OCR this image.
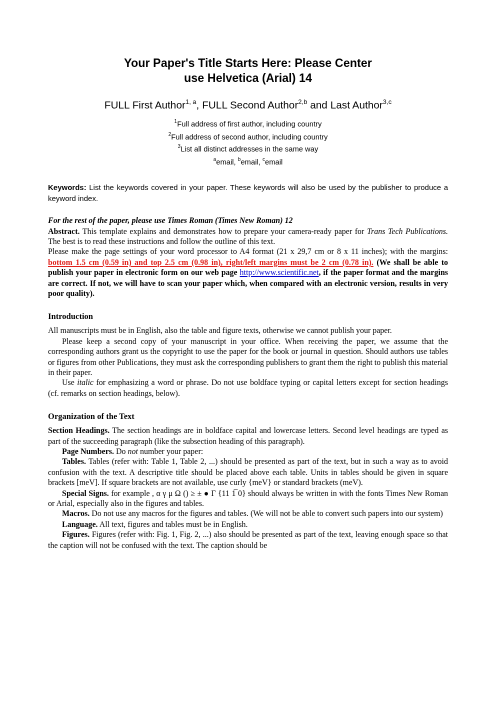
Your Paper's Title Starts Here: Please Center
use Helvetica (Arial) 14
FULL First Author$^{1, a}$, FULL Second Author$^{2,b}$ and Last Author$^{3,c}$
$^1$Full address of first author, including country
$^2$Full address of second author, including country
$^3$List all distinct addresses in the same way
$^a$email, $^b$email, $^c$email

Keywords: List the keywords covered in your paper. These keywords will also be used by the publisher to produce a keyword index.

For the rest of the paper, please use Times Roman (Times New Roman) 12

Abstract. This template explains and demonstrates how to prepare your camera-ready paper for Trans Tech Publications. The best is to read these instructions and follow the outline of this text.

Please make the page settings of your word processor to A4 format (21 x 29,7 cm or 8 x 11 inches); with the margins: bottom 1.5 cm (0.59 in) and top 2.5 cm (0.98 in), right/left margins must be 2 cm (0.78 in). (We shall be able to publish your paper in electronic form on our web page http://www.scientific.net, if the paper format and the margins are correct. If not, we will have to scan your paper which, when compared with an electronic version, results in very poor quality).

Introduction

All manuscripts must be in English, also the table and figure texts, otherwise we cannot publish your paper.

Please keep a second copy of your manuscript in your office. When receiving the paper, we assume that the corresponding authors grant us the copyright to use the paper for the book or journal in question. Should authors use tables or figures from other Publications, they must ask the corresponding publishers to grant them the right to publish this material in their paper.

Use italic for emphasizing a word or phrase. Do not use boldface typing or capital letters except for section headings (cf. remarks on section headings, below).

Organization of the Text

Section Headings. The section headings are in boldface capital and lowercase letters. Second level headings are typed as part of the succeeding paragraph (like the subsection heading of this paragraph).

Page Numbers. Do not number your paper:

Tables. Tables (refer with: Table 1, Table 2, ...) should be presented as part of the text, but in such a way as to avoid confusion with the text. A descriptive title should be placed above each table. Units in tables should be given in square brackets [meV]. If square brackets are not available, use curly {meV} or standard brackets (meV).

Special Signs. for example , α γ μ Ω () ≥ ± ● Γ {11 1̅ 0} should always be written in with the fonts Times New Roman or Arial, especially also in the figures and tables.

Macros. Do not use any macros for the figures and tables. (We will not be able to convert such papers into our system)

Language. All text, figures and tables must be in English.

Figures. Figures (refer with: Fig. 1, Fig. 2, ...) also should be presented as part of the text, leaving enough space so that the caption will not be confused with the text. The caption should be
